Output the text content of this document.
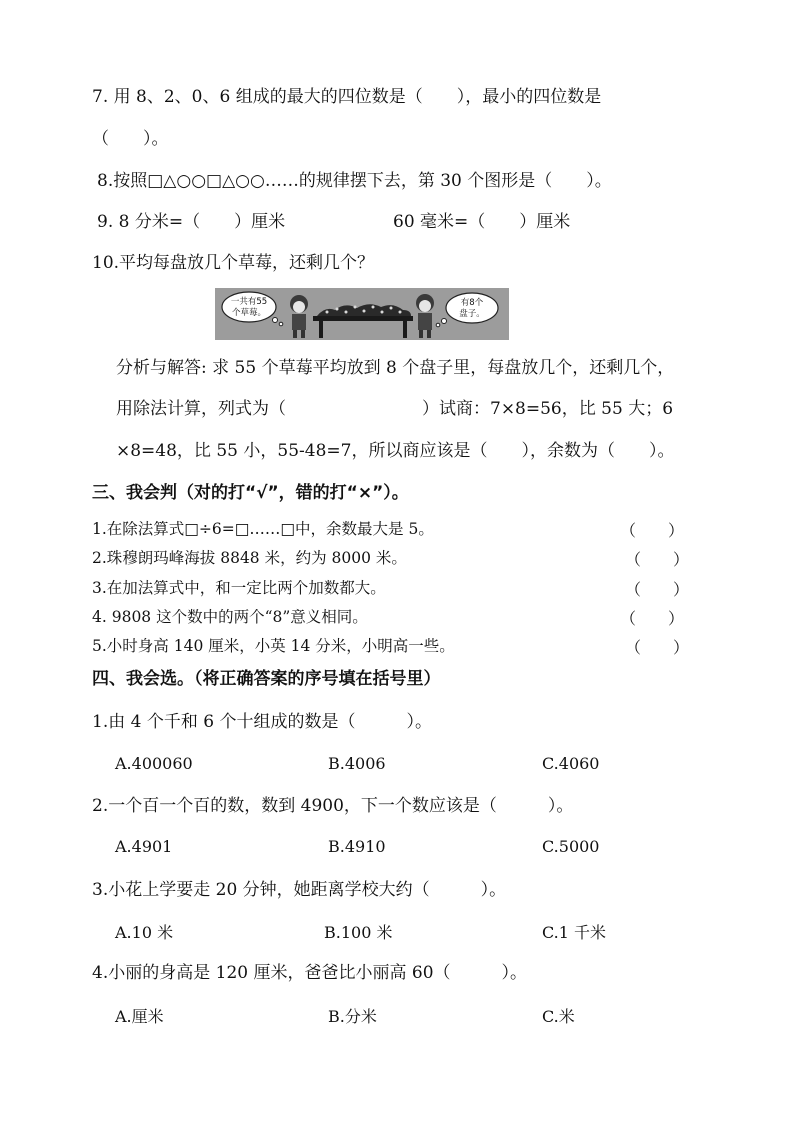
7. 用 8、2、0、6 组成的最大的四位数是（　　），最小的四位数是
（　　）。
8.按照□△○○□△○○……的规律摆下去，第 30 个图形是（　　）。
9. 8 分米=（　　）厘米	60 毫米=（　　）厘米
10.平均每盘放几个草莓，还剩几个？
一共有55
个草莓。
有8个
盘子。
分析与解答: 求 55 个草莓平均放到 8 个盘子里，每盘放几个，还剩几个，
用除法计算，列式为（　　　　　　　　）试商：7×8=56，比 55 大；6
×8=48，比 55 小，55-48=7，所以商应该是（　　），余数为（　　）。
三、我会判（对的打“√”，错的打“×”）。
1.在除法算式□÷6=□……□中，余数最大是 5。	（　　）
2.珠穆朗玛峰海拔 8848 米，约为 8000 米。	（　　）
3.在加法算式中，和一定比两个加数都大。	（　　）
4. 9808 这个数中的两个“8”意义相同。	（　　）
5.小时身高 140 厘米，小英 14 分米，小明高一些。	（　　）
四、我会选。（将正确答案的序号填在括号里）
1.由 4 个千和 6 个十组成的数是（　　　）。
A.400060	B.4006	C.4060
2.一个百一个百的数，数到 4900，下一个数应该是（　　　）。
A.4901	B.4910	C.5000
3.小花上学要走 20 分钟，她距离学校大约（　　　）。
A.10 米	B.100 米	C.1 千米
4.小丽的身高是 120 厘米，爸爸比小丽高 60（　　　）。
A.厘米	B.分米	C.米
